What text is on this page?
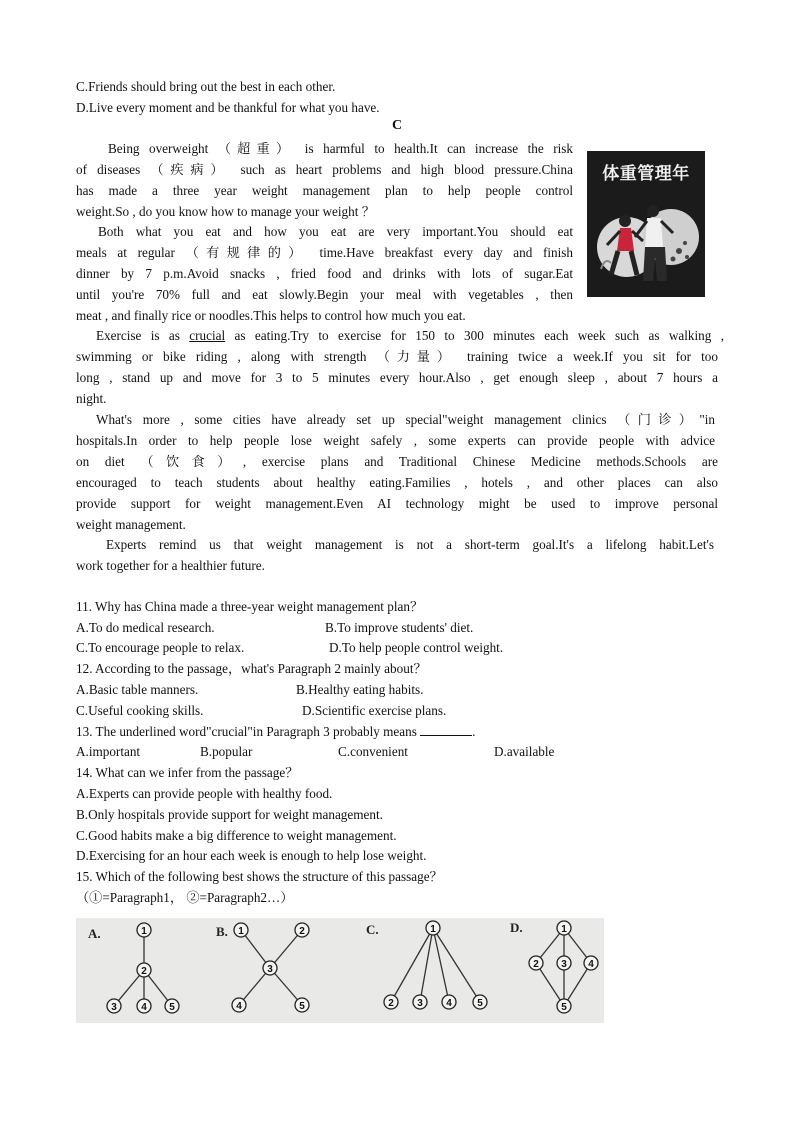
C.Friends should bring out the best in each other.
D.Live every moment and be thankful for what you have.
C
体重管理年
Being overweight （超重） is harmful to health.It can increase the risk
of diseases （疾病） such as heart problems and high blood pressure.China
has made a three year weight management plan to help people control
weight.So , do you know how to manage your weight ？
Both what you eat and how you eat are very important.You should eat
meals at regular （有规律的） time.Have breakfast every day and finish
dinner by 7 p.m.Avoid snacks , fried food and drinks with lots of sugar.Eat
until you're 70% full and eat slowly.Begin your meal with vegetables , then
meat , and finally rice or noodles.This helps to control how much you eat.
Exercise is as crucial as eating.Try to exercise for 150 to 300 minutes each week such as walking ,
swimming or bike riding , along with strength （力量） training twice a week.If you sit for too
long , stand up and move for 3 to 5 minutes every hour.Also , get enough sleep , about 7 hours a
night.
What's more , some cities have already set up special"weight management clinics （门诊）"in
hospitals.In order to help people lose weight safely , some experts can provide people with advice
on diet （饮食）, exercise plans and Traditional Chinese Medicine methods.Schools are
encouraged to teach students about healthy eating.Families , hotels , and other places can also
provide support for weight management.Even AI technology might be used to improve personal
weight management.
Experts remind us that weight management is not a short-term goal.It's a lifelong habit.Let's
work together for a healthier future.
11. Why has China made a three-year weight management plan？
A.To do medical research.	B.To improve students' diet.
C.To encourage people to relax.	D.To help people control weight.
12. According to the passage，what's Paragraph 2 mainly about？
A.Basic table manners.	B.Healthy eating habits.
C.Useful cooking skills.	D.Scientific exercise plans.
13. The underlined word"crucial"in Paragraph 3 probably means	.
A.important	B.popular	C.convenient	D.available
14. What can we infer from the passage？
A.Experts can provide people with healthy food.
B.Only hospitals provide support for weight management.
C.Good habits make a big difference to weight management.
D.Exercising for an hour each week is enough to help lose weight.
15. Which of the following best shows the structure of this passage？
（①=Paragraph1， ②=Paragraph2…）
A.	B.	C.	D.
1
2
3 4 5
1	2
3
4	5
1
2 3 4	5
1
2 3 4
5
